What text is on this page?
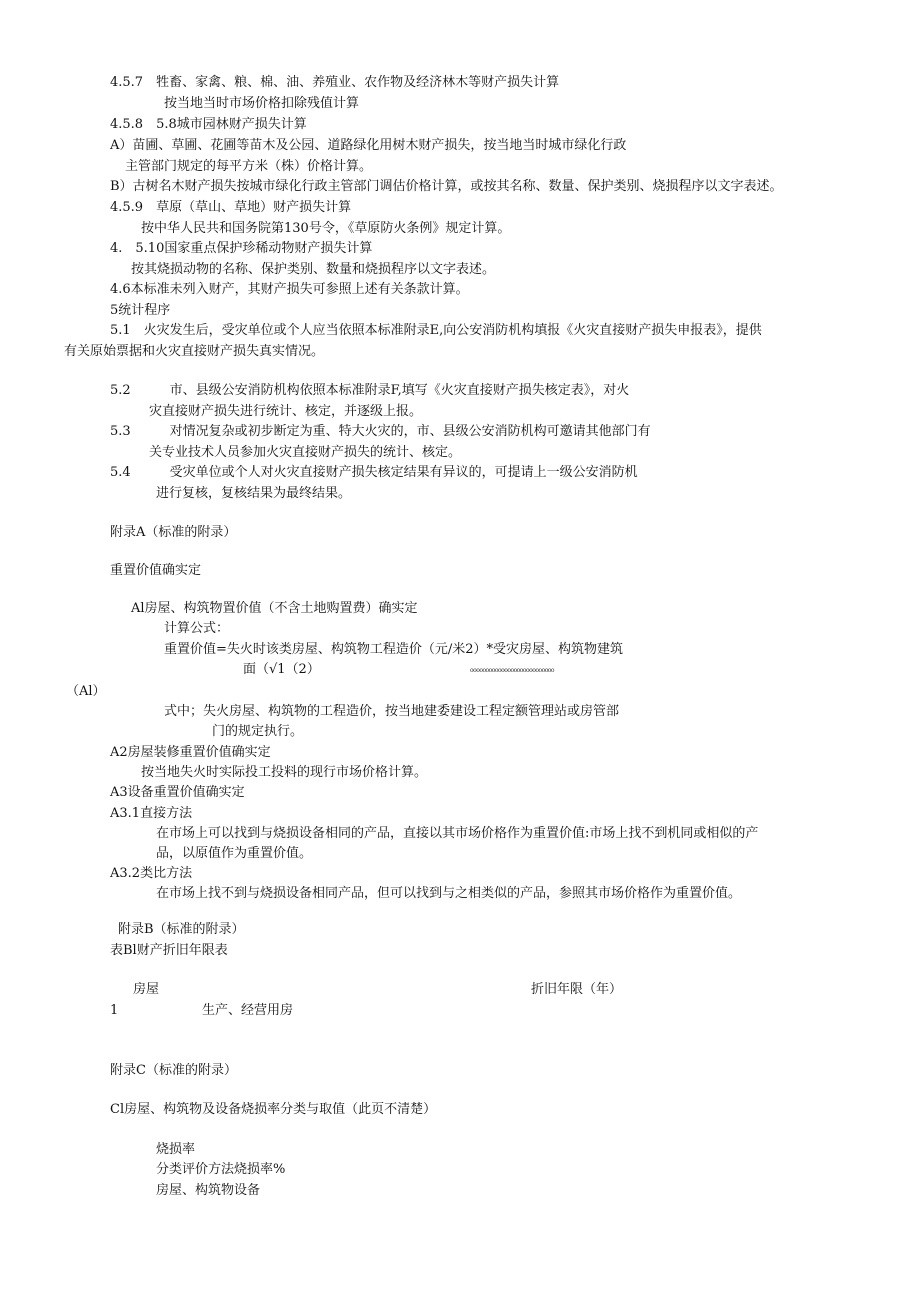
4.5.7　牲畜、家禽、粮、棉、油、养殖业、农作物及经济林木等财产损失计算
按当地当时市场价格扣除残值计算
4.5.8　5.8城市园林财产损失计算
A）苗圃、草圃、花圃等苗木及公园、道路绿化用树木财产损失，按当地当时城市绿化行政
主管部门规定的每平方米（株）价格计算。
B）古树名木财产损失按城市绿化行政主管部门调估价格计算，或按其名称、数量、保护类别、烧损程序以文字表述。
4.5.9　草原（草山、草地）财产损失计算
按中华人民共和国务院第130号令，《草原防火条例》规定计算。
4.　5.10国家重点保护珍稀动物财产损失计算
按其烧损动物的名称、保护类别、数量和烧损程序以文字表述。
4.6本标准未列入财产，其财产损失可参照上述有关条款计算。
5统计程序
5.1　火灾发生后，受灾单位或个人应当依照本标准附录E,向公安消防机构填报《火灾直接财产损失申报表》，提供
有关原始票据和火灾直接财产损失真实情况。
5.2　　　市、县级公安消防机构依照本标准附录F,填写《火灾直接财产损失核定表》，对火
灾直接财产损失进行统计、核定，并逐级上报。
5.3　　　对情况复杂或初步断定为重、特大火灾的，市、县级公安消防机构可邀请其他部门有
关专业技术人员参加火灾直接财产损失的统计、核定。
5.4　　　受灾单位或个人对火灾直接财产损失核定结果有异议的，可提请上一级公安消防机
进行复核，复核结果为最终结果。
附录A（标准的附录）
重置价值确实定
Al房屋、构筑物置价值（不含土地购置费）确实定
计算公式：
重置价值=失火时该类房屋、构筑物工程造价（元/米2）*受灾房屋、构筑物建筑
面（√1（2）	ooooooooooooooooooooooooooo
（Al）
式中；失火房屋、构筑物的工程造价，按当地建委建设工程定额管理站或房管部
门的规定执行。
A2房屋装修重置价值确实定
按当地失火时实际投工投料的现行市场价格计算。
A3设备重置价值确实定
A3.1直接方法
在市场上可以找到与烧损设备相同的产品，直接以其市场价格作为重置价值:市场上找不到机同或相似的产
品，以原值作为重置价值。
A3.2类比方法
在市场上找不到与烧损设备相同产品，但可以找到与之相类似的产品，参照其市场价格作为重置价值。
附录B（标准的附录）
表Bl财产折旧年限表
房屋	折旧年限（年）
1	生产、经营用房
附录C（标准的附录）
Cl房屋、构筑物及设备烧损率分类与取值（此页不清楚）
烧损率
分类评价方法烧损率%
房屋、构筑物设备
